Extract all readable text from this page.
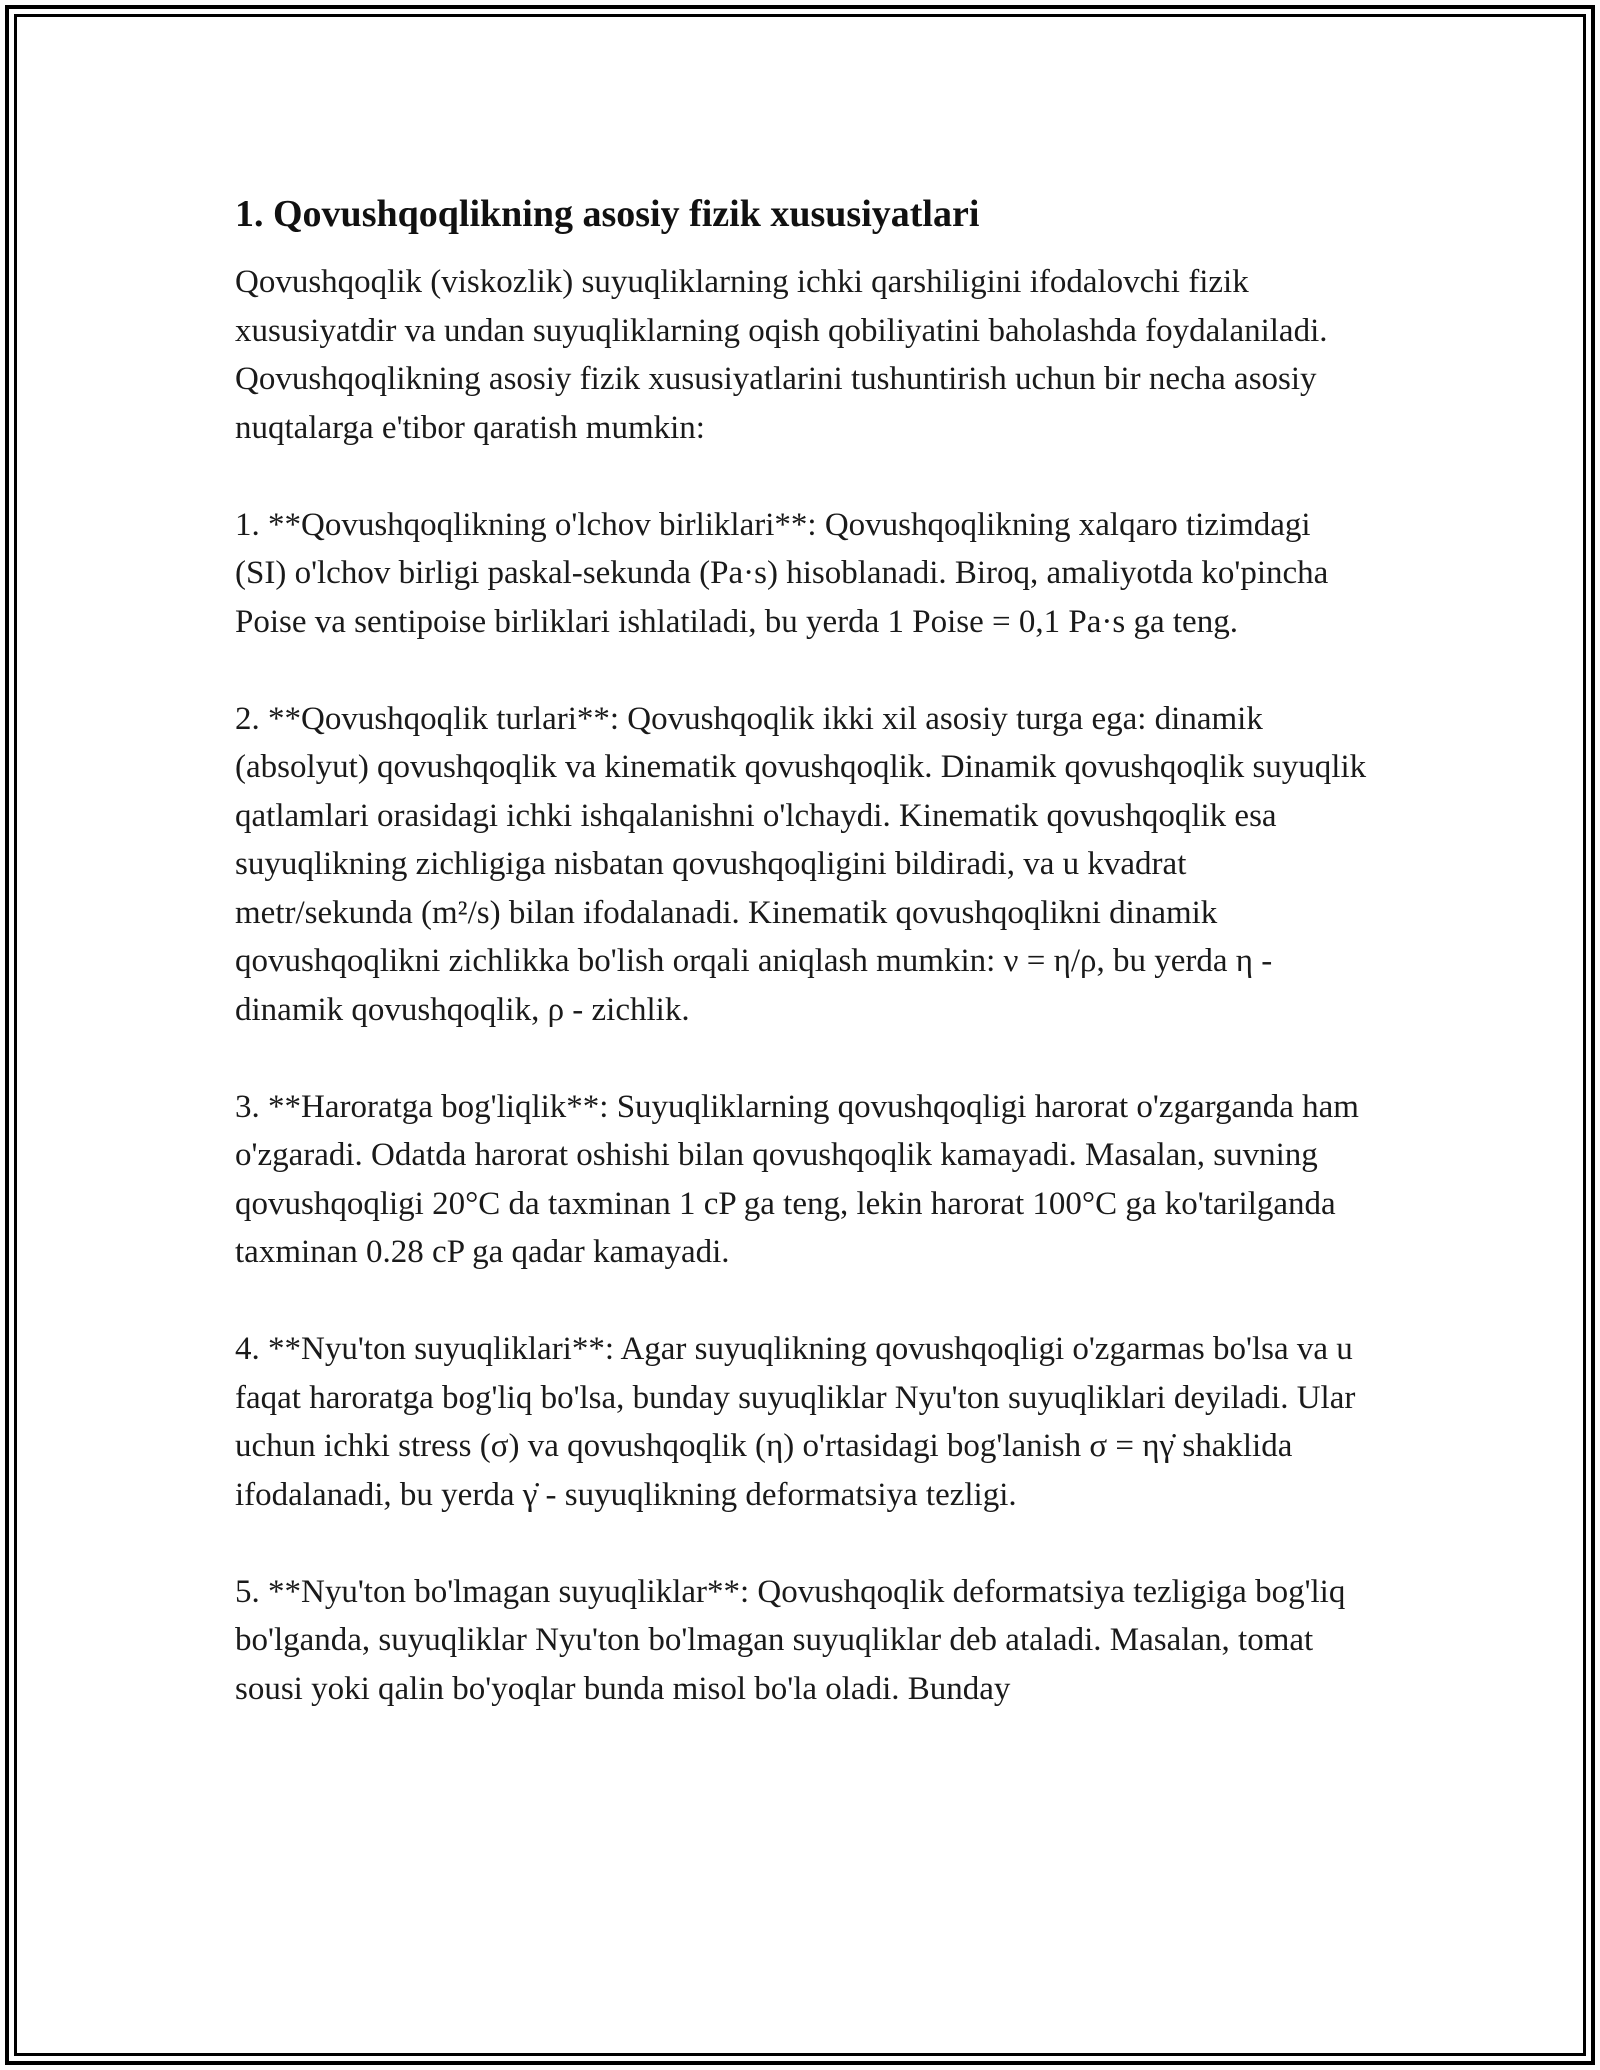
1. Qovushqoqlikning asosiy fizik xususiyatlari

Qovushqoqlik (viskozlik) suyuqliklarning ichki qarshiligini ifodalovchi fizik xususiyatdir va undan suyuqliklarning oqish qobiliyatini baholashda foydalaniladi. Qovushqoqlikning asosiy fizik xususiyatlarini tushuntirish uchun bir necha asosiy nuqtalarga e'tibor qaratish mumkin:

1. **Qovushqoqlikning o'lchov birliklari**: Qovushqoqlikning xalqaro tizimdagi (SI) o'lchov birligi paskal-sekunda (Pa·s) hisoblanadi. Biroq, amaliyotda ko'pincha Poise va sentipoise birliklari ishlatiladi, bu yerda 1 Poise = 0,1 Pa·s ga teng.

2. **Qovushqoqlik turlari**: Qovushqoqlik ikki xil asosiy turga ega: dinamik (absolyut) qovushqoqlik va kinematik qovushqoqlik. Dinamik qovushqoqlik suyuqlik qatlamlari orasidagi ichki ishqalanishni o'lchaydi. Kinematik qovushqoqlik esa suyuqlikning zichligiga nisbatan qovushqoqligini bildiradi, va u kvadrat metr/sekunda (m²/s) bilan ifodalanadi. Kinematik qovushqoqlikni dinamik qovushqoqlikni zichlikka bo'lish orqali aniqlash mumkin: ν = η/ρ, bu yerda η - dinamik qovushqoqlik, ρ - zichlik.

3. **Haroratga bog'liqlik**: Suyuqliklarning qovushqoqligi harorat o'zgarganda ham o'zgaradi. Odatda harorat oshishi bilan qovushqoqlik kamayadi. Masalan, suvning qovushqoqligi 20°C da taxminan 1 cP ga teng, lekin harorat 100°C ga ko'tarilganda taxminan 0.28 cP ga qadar kamayadi.

4. **Nyu'ton suyuqliklari**: Agar suyuqlikning qovushqoqligi o'zgarmas bo'lsa va u faqat haroratga bog'liq bo'lsa, bunday suyuqliklar Nyu'ton suyuqliklari deyiladi. Ular uchun ichki stress (σ) va qovushqoqlik (η) o'rtasidagi bog'lanish σ = ηγ̇ shaklida ifodalanadi, bu yerda γ̇ - suyuqlikning deformatsiya tezligi.

5. **Nyu'ton bo'lmagan suyuqliklar**: Qovushqoqlik deformatsiya tezligiga bog'liq bo'lganda, suyuqliklar Nyu'ton bo'lmagan suyuqliklar deb ataladi. Masalan, tomat sousi yoki qalin bo'yoqlar bunda misol bo'la oladi. Bunday
